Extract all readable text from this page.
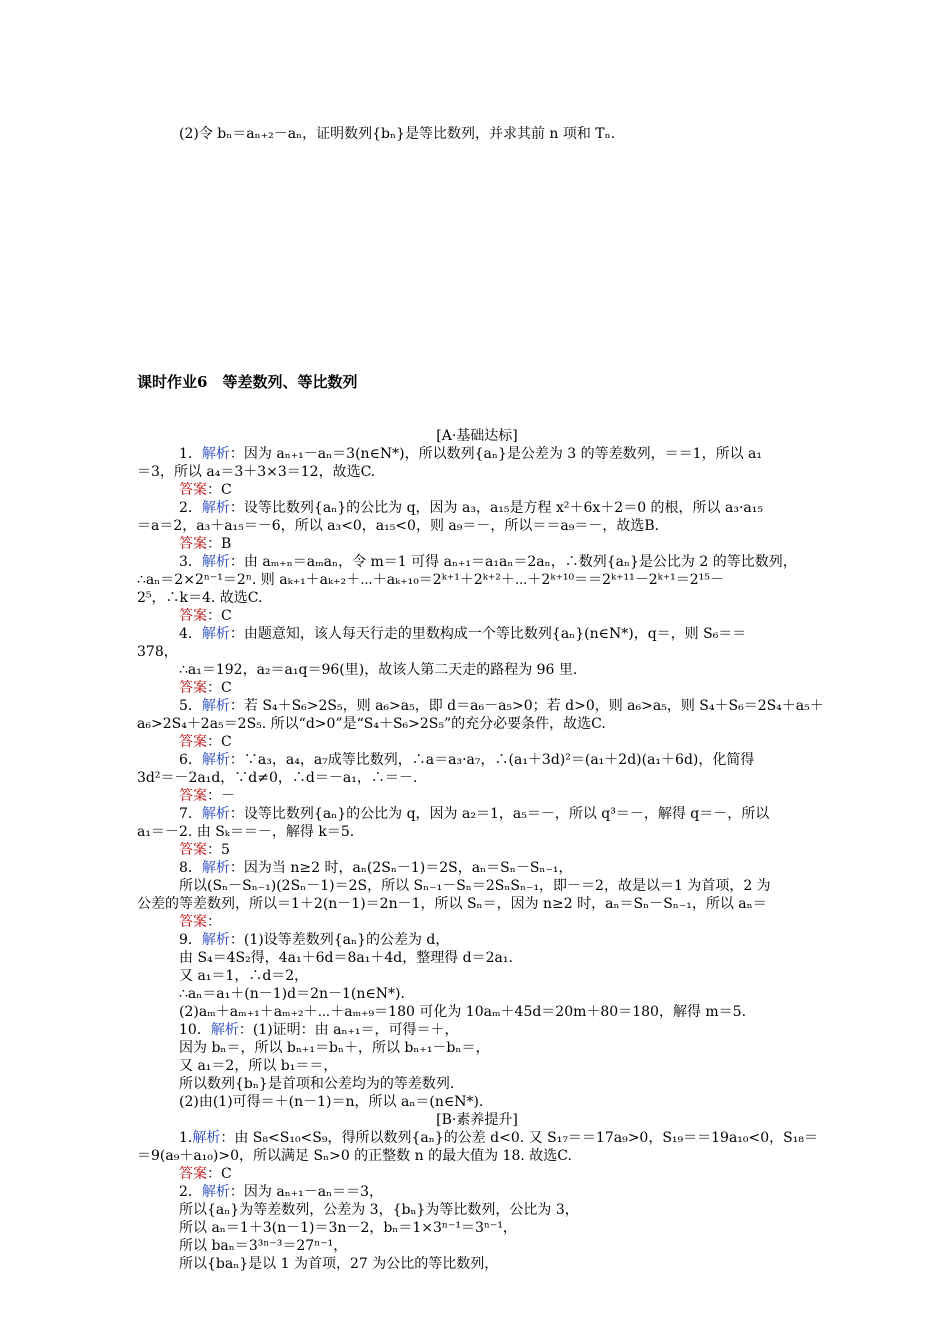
(2)令 bₙ＝aₙ₊₂－aₙ，证明数列{bₙ}是等比数列，并求其前 n 项和 Tₙ.
课时作业6　等差数列、等比数列
[A·基础达标]
1．解析：因为 aₙ₊₁－aₙ＝3(n∈N*)，所以数列{aₙ}是公差为 3 的等差数列，＝＝1，所以 a₁
＝3，所以 a₄＝3＋3×3＝12，故选C.
答案：C
2．解析：设等比数列{aₙ}的公比为 q，因为 a₃，a₁₅是方程 x²＋6x＋2＝0 的根，所以 a₃·a₁₅
＝a＝2，a₃＋a₁₅＝－6，所以 a₃<0，a₁₅<0，则 a₉＝－，所以＝＝a₉＝－，故选B.
答案：B
3．解析：由 aₘ₊ₙ＝aₘaₙ，令 m＝1 可得 aₙ₊₁＝a₁aₙ＝2aₙ，∴数列{aₙ}是公比为 2 的等比数列，
∴aₙ＝2×2ⁿ⁻¹＝2ⁿ. 则 aₖ₊₁＋aₖ₊₂＋⋯＋aₖ₊₁₀＝2ᵏ⁺¹＋2ᵏ⁺²＋⋯＋2ᵏ⁺¹⁰＝＝2ᵏ⁺¹¹－2ᵏ⁺¹＝2¹⁵－
2⁵，∴k＝4. 故选C.
答案：C
4．解析：由题意知，该人每天行走的里数构成一个等比数列{aₙ}(n∈N*)，q＝，则 S₆＝＝
378，
∴a₁＝192，a₂＝a₁q＝96(里)，故该人第二天走的路程为 96 里.
答案：C
5．解析：若 S₄＋S₆>2S₅，则 a₆>a₅，即 d＝a₆－a₅>0；若 d>0，则 a₆>a₅，则 S₄＋S₆＝2S₄＋a₅＋
a₆>2S₄＋2a₅＝2S₅. 所以“d>0”是“S₄＋S₆>2S₅”的充分必要条件，故选C.
答案：C
6．解析：∵a₃，a₄，a₇成等比数列，∴a＝a₃·a₇，∴(a₁＋3d)²＝(a₁＋2d)(a₁＋6d)，化简得
3d²＝－2a₁d，∵d≠0，∴d＝－a₁，∴＝－.
答案：－
7．解析：设等比数列{aₙ}的公比为 q，因为 a₂＝1，a₅＝－，所以 q³＝－，解得 q＝－，所以
a₁＝－2. 由 Sₖ＝＝－，解得 k＝5.
答案：5
8．解析：因为当 n≥2 时，aₙ(2Sₙ－1)＝2S，aₙ＝Sₙ－Sₙ₋₁，
所以(Sₙ－Sₙ₋₁)(2Sₙ－1)＝2S，所以 Sₙ₋₁－Sₙ＝2SₙSₙ₋₁，即－＝2，故是以＝1 为首项，2 为
公差的等差数列，所以＝1＋2(n－1)＝2n－1，所以 Sₙ＝，因为 n≥2 时，aₙ＝Sₙ－Sₙ₋₁，所以 aₙ＝
答案：
9．解析：(1)设等差数列{aₙ}的公差为 d，
由 S₄＝4S₂得，4a₁＋6d＝8a₁＋4d，整理得 d＝2a₁.
又 a₁＝1，∴d＝2，
∴aₙ＝a₁＋(n－1)d＝2n－1(n∈N*).
(2)aₘ＋aₘ₊₁＋aₘ₊₂＋⋯＋aₘ₊₉＝180 可化为 10aₘ＋45d＝20m＋80＝180，解得 m＝5.
10．解析：(1)证明：由 aₙ₊₁＝，可得＝＋，
因为 bₙ＝，所以 bₙ₊₁＝bₙ＋，所以 bₙ₊₁－bₙ＝，
又 a₁＝2，所以 b₁＝＝，
所以数列{bₙ}是首项和公差均为的等差数列.
(2)由(1)可得＝＋(n－1)＝n，所以 aₙ＝(n∈N*).
[B·素养提升]
1.解析：由 S₈<S₁₀<S₉，得所以数列{aₙ}的公差 d<0. 又 S₁₇＝＝17a₉>0，S₁₉＝＝19a₁₀<0，S₁₈＝
＝9(a₉＋a₁₀)>0，所以满足 Sₙ>0 的正整数 n 的最大值为 18. 故选C.
答案：C
2．解析：因为 aₙ₊₁－aₙ＝＝3，
所以{aₙ}为等差数列，公差为 3，{bₙ}为等比数列，公比为 3，
所以 aₙ＝1＋3(n－1)＝3n－2，bₙ＝1×3ⁿ⁻¹＝3ⁿ⁻¹，
所以 baₙ＝3³ⁿ⁻³＝27ⁿ⁻¹，
所以{baₙ}是以 1 为首项，27 为公比的等比数列，
